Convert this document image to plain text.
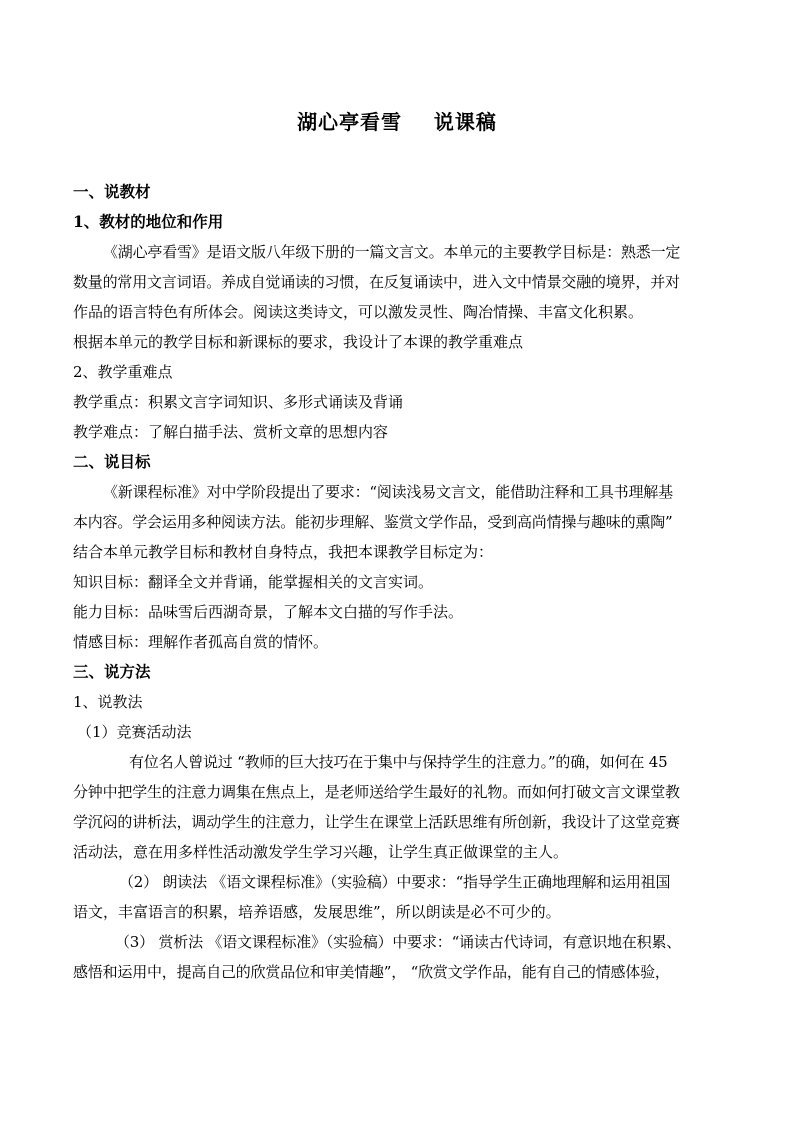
湖心亭看雪    说课稿
一、说教材
1、教材的地位和作用
《湖心亭看雪》是语文版八年级下册的一篇文言文。本单元的主要教学目标是：熟悉一定
数量的常用文言词语。养成自觉诵读的习惯，在反复诵读中，进入文中情景交融的境界，并对
作品的语言特色有所体会。阅读这类诗文，可以激发灵性、陶冶情操、丰富文化积累。
根据本单元的教学目标和新课标的要求，我设计了本课的教学重难点
2、教学重难点
教学重点：积累文言字词知识、多形式诵读及背诵
教学难点：了解白描手法、赏析文章的思想内容
二、说目标
《新课程标准》对中学阶段提出了要求：“阅读浅易文言文，能借助注释和工具书理解基
本内容。学会运用多种阅读方法。能初步理解、鉴赏文学作品，受到高尚情操与趣味的熏陶”
结合本单元教学目标和教材自身特点，我把本课教学目标定为：
知识目标：翻译全文并背诵，能掌握相关的文言实词。
能力目标：品味雪后西湖奇景，了解本文白描的写作手法。
情感目标：理解作者孤高自赏的情怀。
三、说方法
1、说教法
（1）竞赛活动法
有位名人曾说过 “教师的巨大技巧在于集中与保持学生的注意力。”的确，如何在 45
分钟中把学生的注意力调集在焦点上，是老师送给学生最好的礼物。而如何打破文言文课堂教
学沉闷的讲析法，调动学生的注意力，让学生在课堂上活跃思维有所创新，我设计了这堂竞赛
活动法，意在用多样性活动激发学生学习兴趣，让学生真正做课堂的主人。
（2） 朗读法 《语文课程标准》（实验稿）中要求：“指导学生正确地理解和运用祖国
语文，丰富语言的积累，培养语感，发展思维”，所以朗读是必不可少的。
（3） 赏析法 《语文课程标准》（实验稿）中要求：“诵读古代诗词，有意识地在积累、
感悟和运用中，提高自己的欣赏品位和审美情趣”， “欣赏文学作品，能有自己的情感体验，
